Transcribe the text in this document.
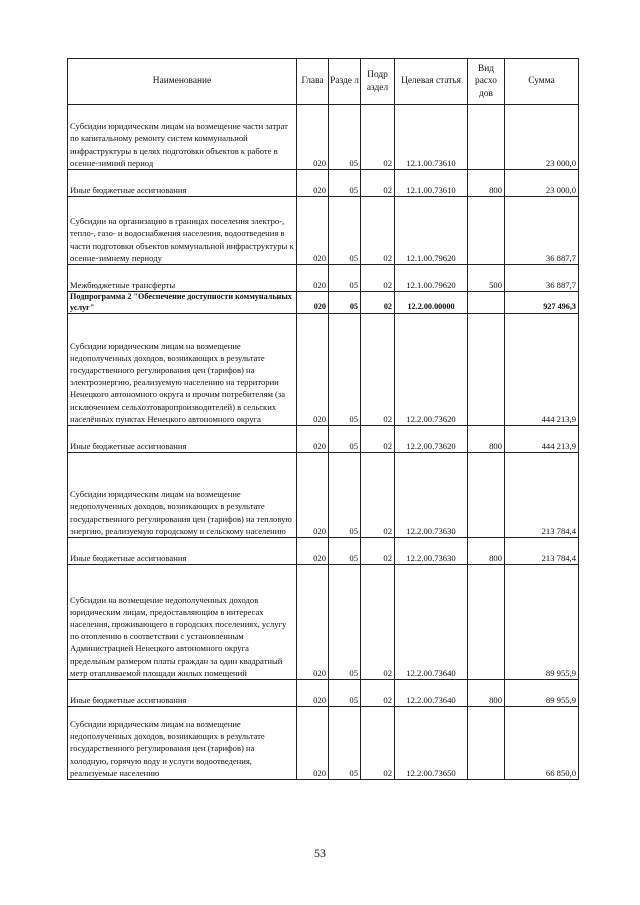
Наименование	Глава	Разде л	Подр аздел	Целевая статья	Вид расхо дов	Сумма
Субсидии юридическим лицам на возмещение части затрат по капитальному ремонту систем коммунальной инфраструктуры в целях подготовки объектов к работе в осенне-зимний период	020	05	02	12.1.00.73610		23 000,0
Иные бюджетные ассигнования	020	05	02	12.1.00.73610	800	23 000,0
Субсидии на организацию в границах поселения электро-, тепло-, газо- и водоснабжения населения, водоотведения в части подготовки объектов коммунальной инфраструктуры к осенне-зимнему периоду	020	05	02	12.1.00.79620		36 887,7
Межбюджетные трансферты	020	05	02	12.1.00.79620	500	36 887,7
Подпрограмма 2 "Обеспечение доступности коммунальных услуг"	020	05	02	12.2.00.00000		927 496,3
Субсидии юридическим лицам на возмещение недополученных доходов, возникающих в результате государственного регулирования цен (тарифов) на электроэнергию, реализуемую населению на территории Ненецкого автономного округа и прочим потребителям (за исключением сельхозтоваропроизводителей) в сельских населённых пунктах Ненецкого автономного округа	020	05	02	12.2.00.73620		444 213,9
Иные бюджетные ассигнования	020	05	02	12.2.00.73620	800	444 213,9
Субсидии юридическим лицам на возмещение недополученных доходов, возникающих в результате государственного регулирования цен (тарифов) на тепловую энергию, реализуемую городскому и сельскому населению	020	05	02	12.2.00.73630		213 784,4
Иные бюджетные ассигнования	020	05	02	12.2.00.73630	800	213 784,4
Субсидии на возмещение недополученных доходов юридическим лицам, предоставляющим в интересах населения, проживающего в городских поселениях, услугу по отоплению в соответствии с установленным Администрацией Ненецкого автономного округа предельным размером платы граждан за один квадратный метр отапливаемой площади жилых помещений	020	05	02	12.2.00.73640		89 955,9
Иные бюджетные ассигнования	020	05	02	12.2.00.73640	800	89 955,9
Субсидии юридическим лицам на возмещение недополученных доходов, возникающих в результате государственного регулирования цен (тарифов) на холодную, горячую воду и услуги водоотведения, реализуемые населению	020	05	02	12.2.00.73650		66 850,0
53
